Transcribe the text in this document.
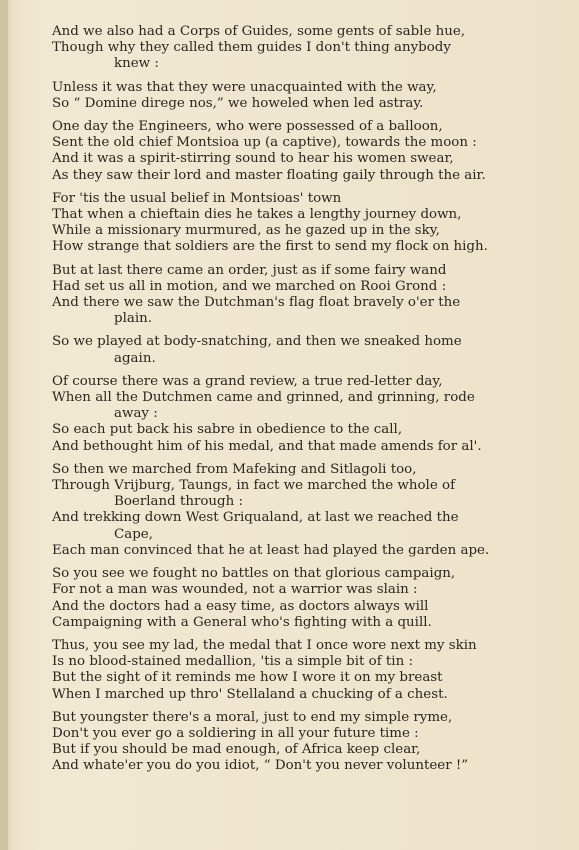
And we also had a Corps of Guides, some gents of sable hue,
Though why they called them guides I don't thing anybody
knew :
Unless it was that they were unacquainted with the way,
So “ Domine direge nos,” we howeled when led astray.
One day the Engineers, who were possessed of a balloon,
Sent the old chief Montsioa up (a captive), towards the moon :
And it was a spirit-stirring sound to hear his women swear,
As they saw their lord and master floating gaily through the air.
For 'tis the usual belief in Montsioas' town
That when a chieftain dies he takes a lengthy journey down,
While a missionary murmured, as he gazed up in the sky,
How strange that soldiers are the first to send my flock on high.
But at last there came an order, just as if some fairy wand
Had set us all in motion, and we marched on Rooi Grond :
And there we saw the Dutchman's flag float bravely o'er the
plain.
So we played at body-snatching, and then we sneaked home
again.
Of course there was a grand review, a true red-letter day,
When all the Dutchmen came and grinned, and grinning, rode
away :
So each put back his sabre in obedience to the call,
And bethought him of his medal, and that made amends for al'.
So then we marched from Mafeking and Sitlagoli too,
Through Vrijburg, Taungs, in fact we marched the whole of
Boerland through :
And trekking down West Griqualand, at last we reached the
Cape,
Each man convinced that he at least had played the garden ape.
So you see we fought no battles on that glorious campaign,
For not a man was wounded, not a warrior was slain :
And the doctors had a easy time, as doctors always will
Campaigning with a General who's fighting with a quill.
Thus, you see my lad, the medal that I once wore next my skin
Is no blood-stained medallion, 'tis a simple bit of tin :
But the sight of it reminds me how I wore it on my breast
When I marched up thro' Stellaland a chucking of a chest.
But youngster there's a moral, just to end my simple ryme,
Don't you ever go a soldiering in all your future time :
But if you should be mad enough, of Africa keep clear,
And whate'er you do you idiot, “ Don't you never volunteer !”
